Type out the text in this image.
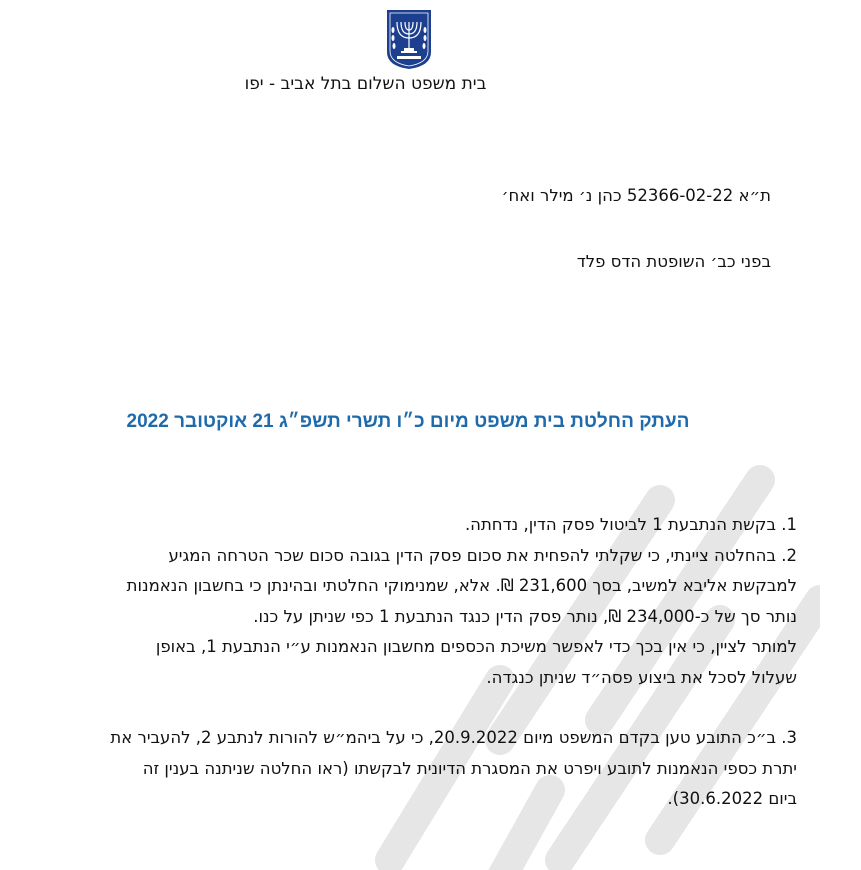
בית משפט השלום בתל אביב - יפו
ת״א 52366-02-22 כהן נ׳ מילר ואח׳
בפני כב׳ השופטת הדס פלד
העתק החלטת בית משפט מיום כ״ו תשרי תשפ״ג 21 אוקטובר 2022

1. בקשת הנתבעת 1 לביטול פסק הדין, נדחתה.

2. בהחלטה ציינתי, כי שקלתי להפחית את סכום פסק הדין בגובה סכום שכר הטרחה המגיע

למבקשת אליבא למשיב, בסך 231,600 ₪. אלא, שמנימוקי החלטתי ובהינתן כי בחשבון הנאמנות

נותר סך של כ-234,000 ₪, נותר פסק הדין כנגד הנתבעת 1 כפי שניתן על כנו.

למותר לציין, כי אין בכך כדי לאפשר משיכת הכספים מחשבון הנאמנות ע״י הנתבעת 1, באופן

שעלול לסכל את ביצוע פסה״ד שניתן כנגדה.

3. ב״כ התובע טען בקדם המשפט מיום 20.9.2022, כי על ביהמ״ש להורות לנתבע 2, להעביר את

יתרת כספי הנאמנות לתובע ויפרט את המסגרת הדיונית לבקשתו (ראו החלטה שניתנה בענין זה

ביום 30.6.2022).
